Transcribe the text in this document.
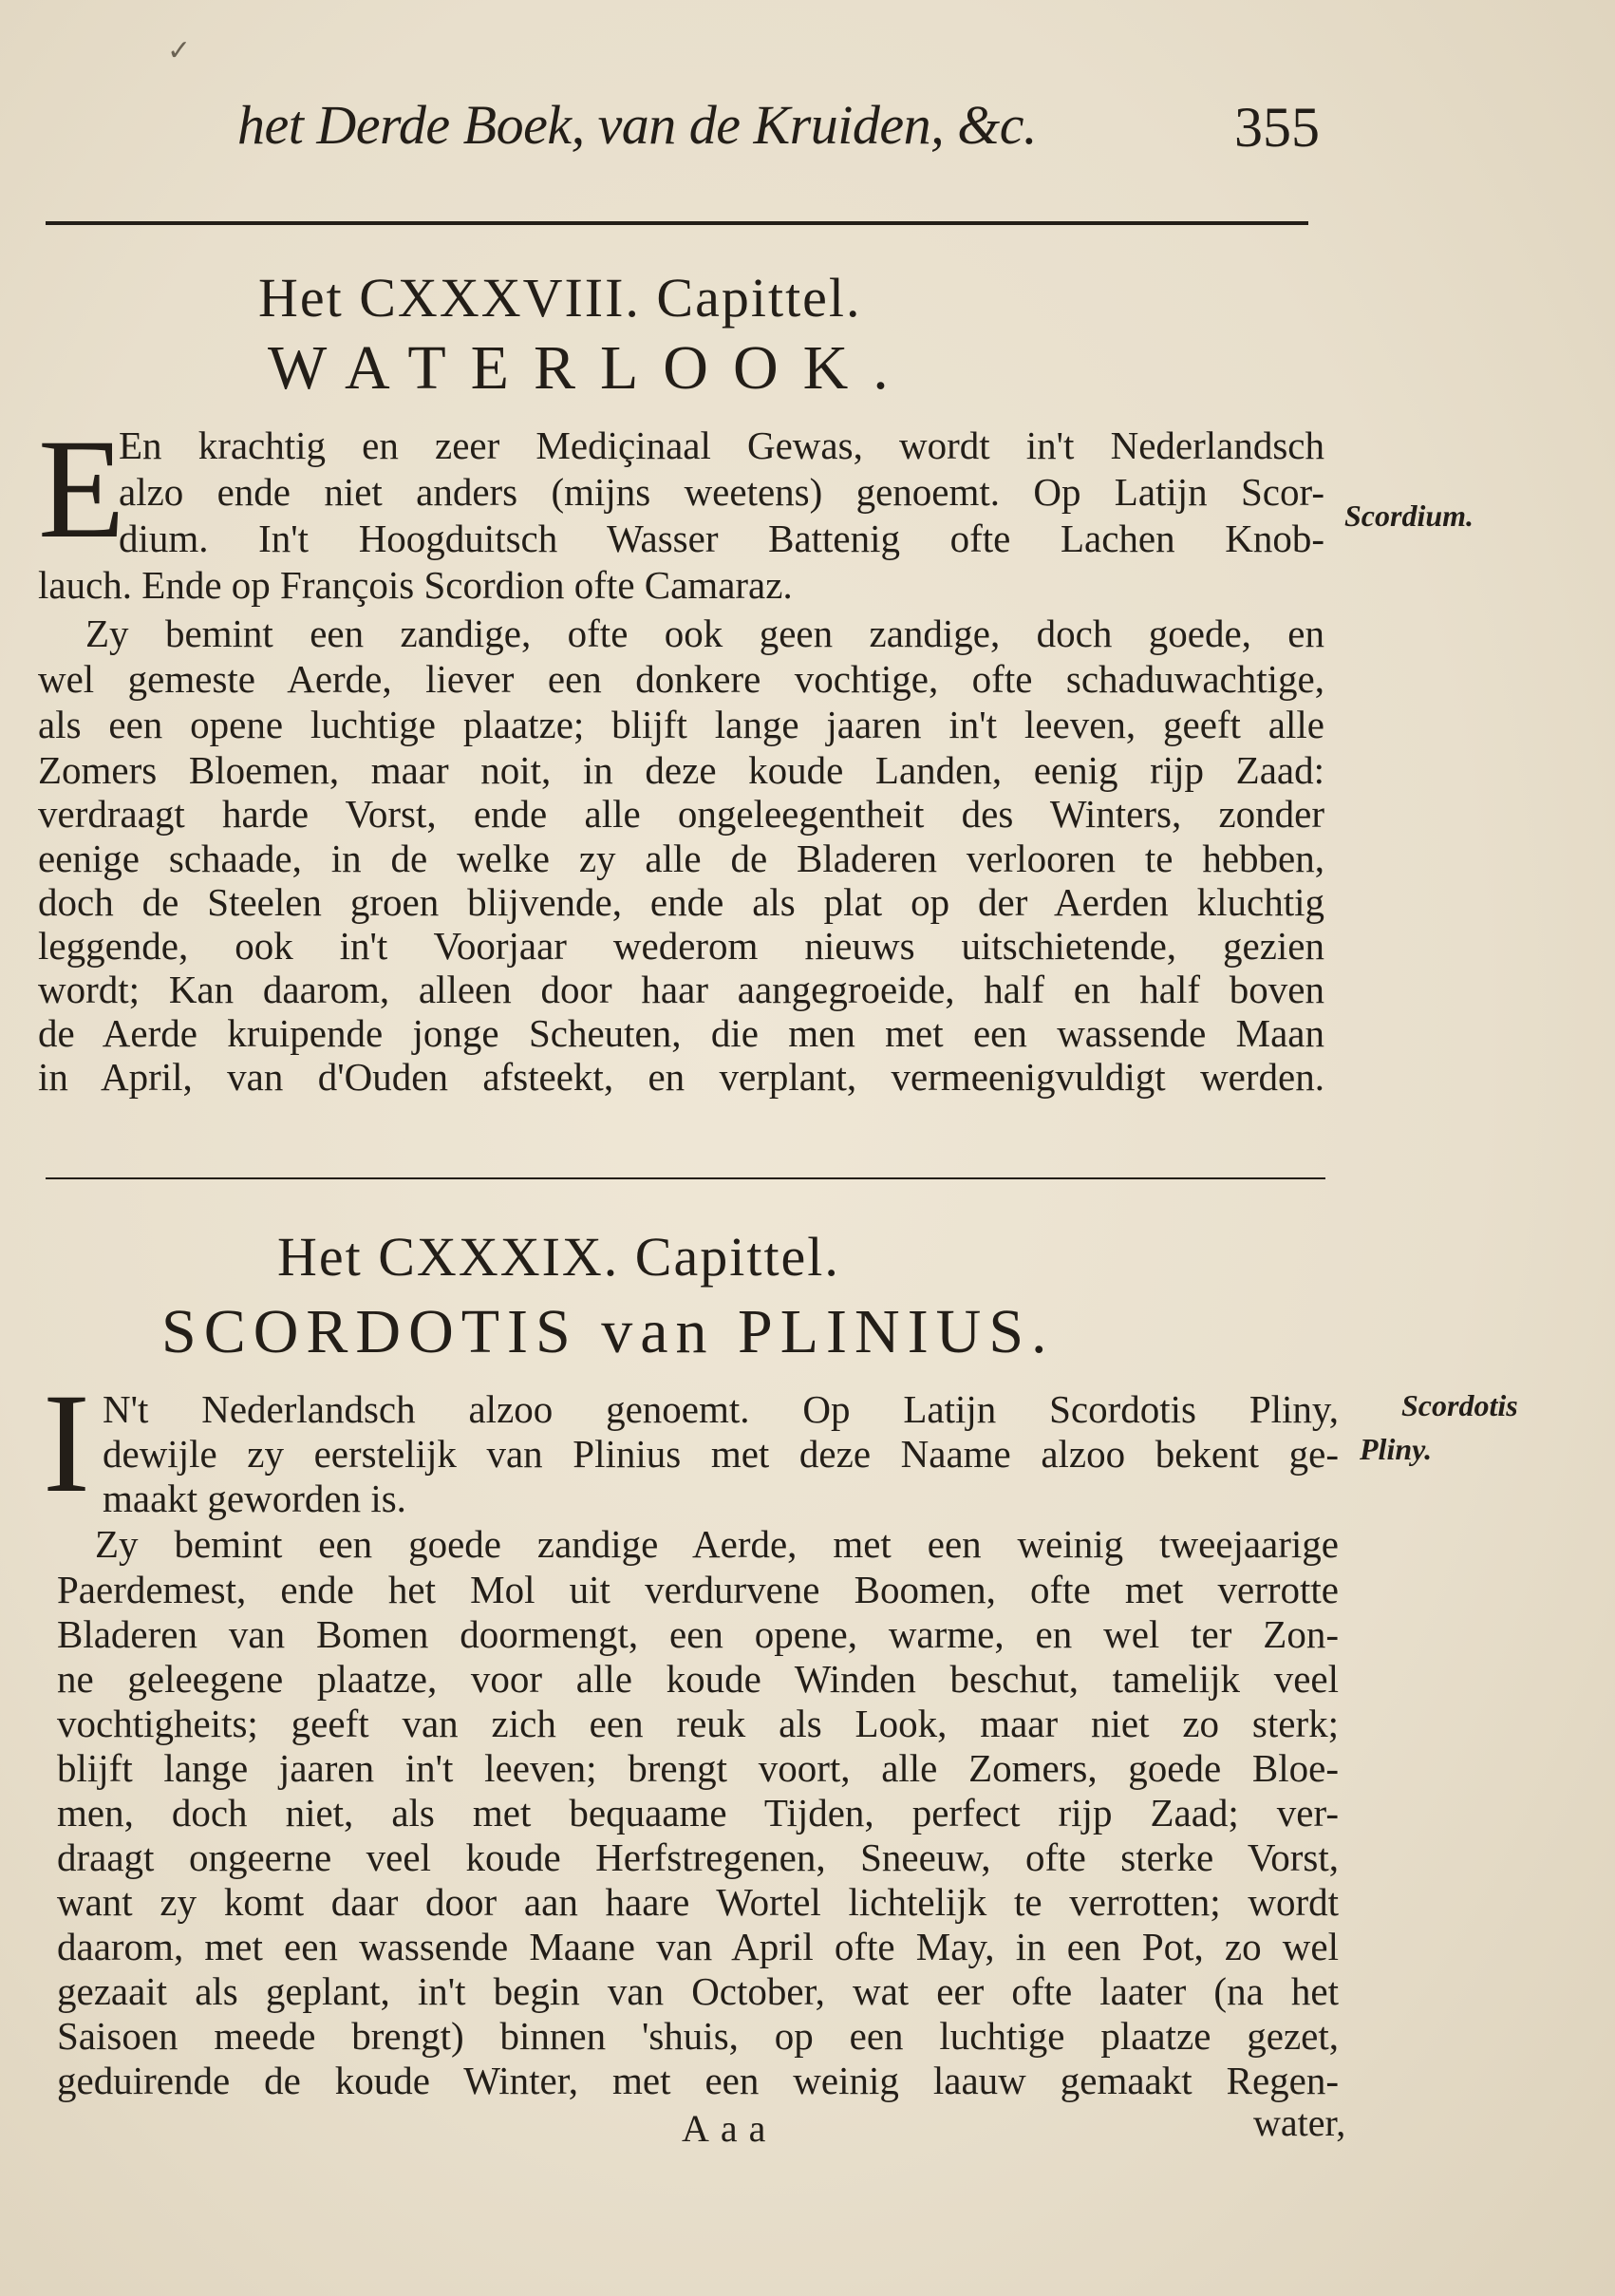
✓
het Derde Boek, van de Kruiden, &c.	355
Het CXXXVIII. Capittel.
WATERLOOK.
E	Scordium.
En krachtig en zeer Mediçinaal Gewas, wordt in't Nederlandsch
alzo ende niet anders (mijns weetens) genoemt. Op Latijn Scor-
dium. In't Hoogduitsch Wasser Battenig ofte Lachen Knob-
lauch. Ende op François Scordion ofte Camaraz.
Zy bemint een zandige, ofte ook geen zandige, doch goede, en
wel gemeste Aerde, liever een donkere vochtige, ofte schaduwachtige,
als een opene luchtige plaatze; blijft lange jaaren in't leeven, geeft alle
Zomers Bloemen, maar noit, in deze koude Landen, eenig rijp Zaad:
verdraagt harde Vorst, ende alle ongeleegentheit des Winters, zonder
eenige schaade, in de welke zy alle de Bladeren verlooren te hebben,
doch de Steelen groen blijvende, ende als plat op der Aerden kluchtig
leggende, ook in't Voorjaar wederom nieuws uitschietende, gezien
wordt; Kan daarom, alleen door haar aangegroeide, half en half boven
de Aerde kruipende jonge Scheuten, die men met een wassende Maan
in April, van d'Ouden afsteekt, en verplant, vermeenigvuldigt werden.
Het CXXXIX. Capittel.
SCORDOTIS van PLINIUS.
I	Scordotis
Pliny.
N't Nederlandsch alzoo genoemt. Op Latijn Scordotis Pliny,
dewijle zy eerstelijk van Plinius met deze Naame alzoo bekent ge-
maakt geworden is.
Zy bemint een goede zandige Aerde, met een weinig tweejaarige
Paerdemest, ende het Mol uit verdurvene Boomen, ofte met verrotte
Bladeren van Bomen doormengt, een opene, warme, en wel ter Zon-
ne geleegene plaatze, voor alle koude Winden beschut, tamelijk veel
vochtigheits; geeft van zich een reuk als Look, maar niet zo sterk;
blijft lange jaaren in't leeven; brengt voort, alle Zomers, goede Bloe-
men, doch niet, als met bequaame Tijden, perfect rijp Zaad; ver-
draagt ongeerne veel koude Herfstregenen, Sneeuw, ofte sterke Vorst,
want zy komt daar door aan haare Wortel lichtelijk te verrotten; wordt
daarom, met een wassende Maane van April ofte May, in een Pot, zo wel
gezaait als geplant, in't begin van October, wat eer ofte laater (na het
Saisoen meede brengt) binnen 'shuis, op een luchtige plaatze gezet,
geduirende de koude Winter, met een weinig laauw gemaakt Regen-
Aaa	water,
